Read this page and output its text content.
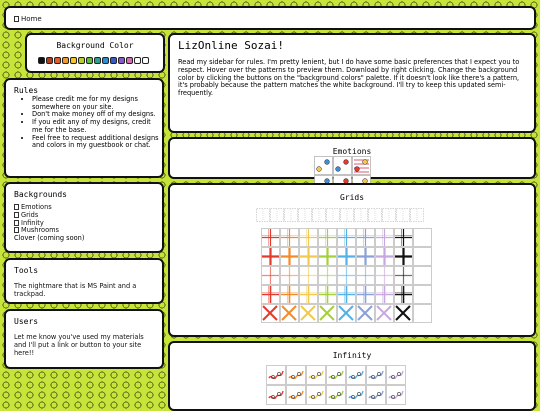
Home
Background Color
Rules
• Please credit me for my designs somewhere on your site.
• Don't make money off of my designs.
• If you edit any of my designs, credit me for the base.
• Feel free to request additional designs and colors in my guestbook or chat.
Backgrounds
Emotions
Grids
Infinity
Mushrooms
Clover (coming soon)
Tools
The nightmare that is MS Paint and a trackpad.
Users
Let me know you've used my materials and I'll put a link or button to your site here!!
LizOnline Sozai!
Read my sidebar for rules. I'm pretty lenient, but I do have some basic preferences that I expect you to respect. Hover over the patterns to preview them. Download by right clicking. Change the background color by clicking the buttons on the "background colors" palette. If it doesn't look like there's a pattern, it's probably because the pattern matches the white background. I'll try to keep this updated semi-frequently.
Emotions
Grids
Infinity
